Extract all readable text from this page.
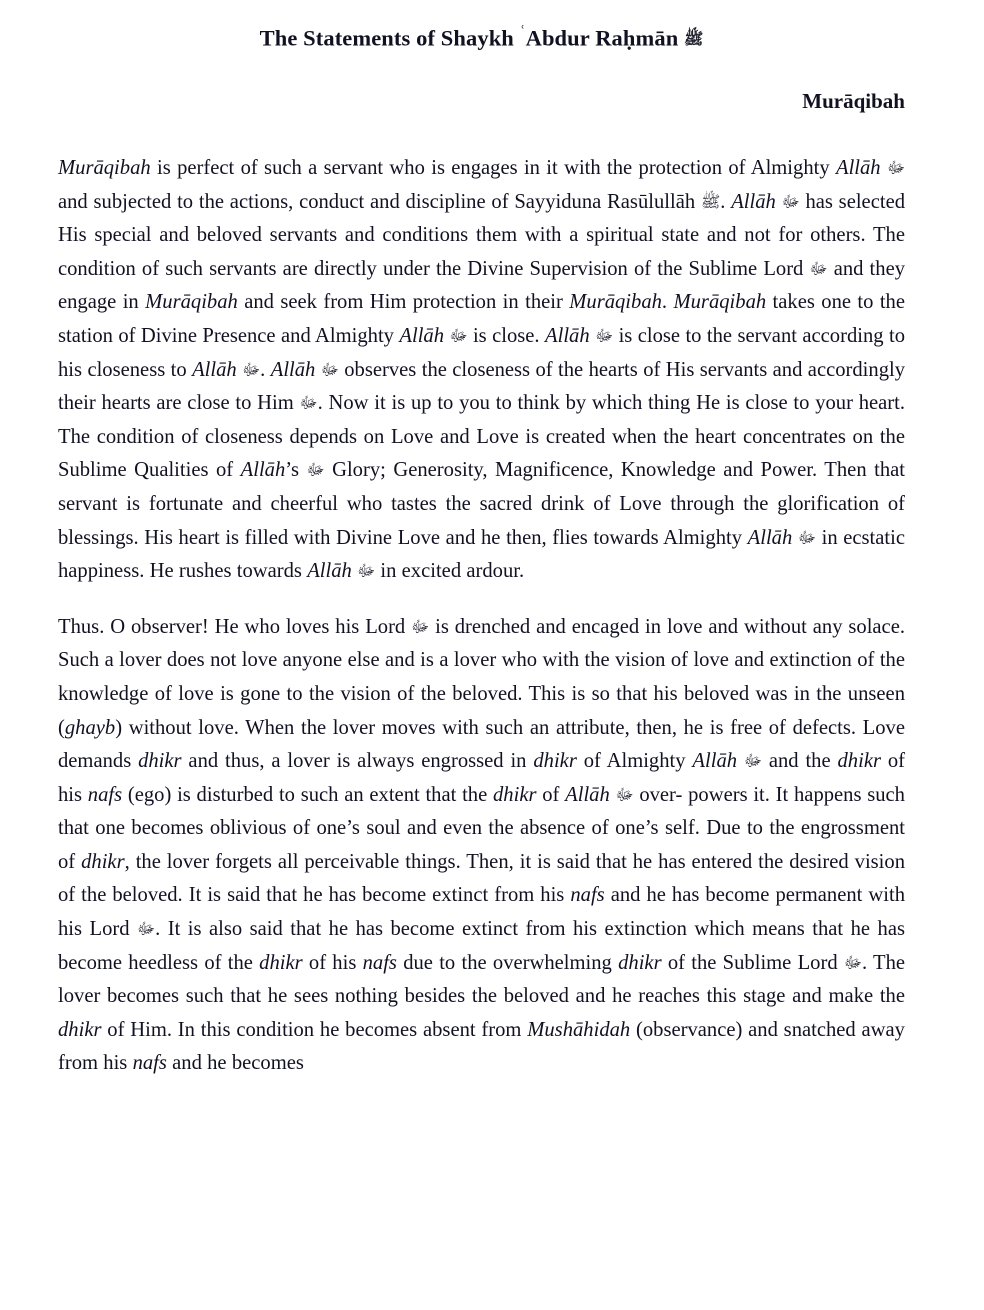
The Statements of Shaykh $^ʿ$Abdur Raḥmān ﷺ
Murāqibah

Murāqibah is perfect of such a servant who is engages in it with the protection of Almighty Allāh ﷻ and subjected to the actions, conduct and discipline of Sayyiduna Rasūlullāh ﷺ. Allāh ﷻ has selected His special and beloved servants and conditions them with a spiritual state and not for others. The condition of such servants are directly under the Divine Supervision of the Sublime Lord ﷻ and they engage in Murāqibah and seek from Him protection in their Murāqibah. Murāqibah takes one to the station of Divine Presence and Almighty Allāh ﷻ is close. Allāh ﷻ is close to the servant according to his closeness to Allāh ﷻ. Allāh ﷻ observes the closeness of the hearts of His servants and accordingly their hearts are close to Him ﷻ. Now it is up to you to think by which thing He is close to your heart. The condition of closeness depends on Love and Love is created when the heart concentrates on the Sublime Qualities of Allāh’s ﷻ Glory; Generosity, Magnificence, Knowledge and Power. Then that servant is fortunate and cheerful who tastes the sacred drink of Love through the glorification of blessings. His heart is filled with Divine Love and he then, flies towards Almighty Allāh ﷻ in ecstatic happiness. He rushes towards Allāh ﷻ in excited ardour.

Thus. O observer! He who loves his Lord ﷻ is drenched and encaged in love and without any solace. Such a lover does not love anyone else and is a lover who with the vision of love and extinction of the knowledge of love is gone to the vision of the beloved. This is so that his beloved was in the unseen (ghayb) without love. When the lover moves with such an attribute, then, he is free of defects. Love demands dhikr and thus, a lover is always engrossed in dhikr of Almighty Allāh ﷻ and the dhikr of his nafs (ego) is disturbed to such an extent that the dhikr of Allāh ﷻ over- powers it. It happens such that one becomes oblivious of one’s soul and even the absence of one’s self. Due to the engrossment of dhikr, the lover forgets all perceivable things. Then, it is said that he has entered the desired vision of the beloved. It is said that he has become extinct from his nafs and he has become permanent with his Lord ﷻ. It is also said that he has become extinct from his extinction which means that he has become heedless of the dhikr of his nafs due to the overwhelming dhikr of the Sublime Lord ﷻ. The lover becomes such that he sees nothing besides the beloved and he reaches this stage and make the dhikr of Him. In this condition he becomes absent from Mushāhidah (observance) and snatched away from his nafs and he becomes
